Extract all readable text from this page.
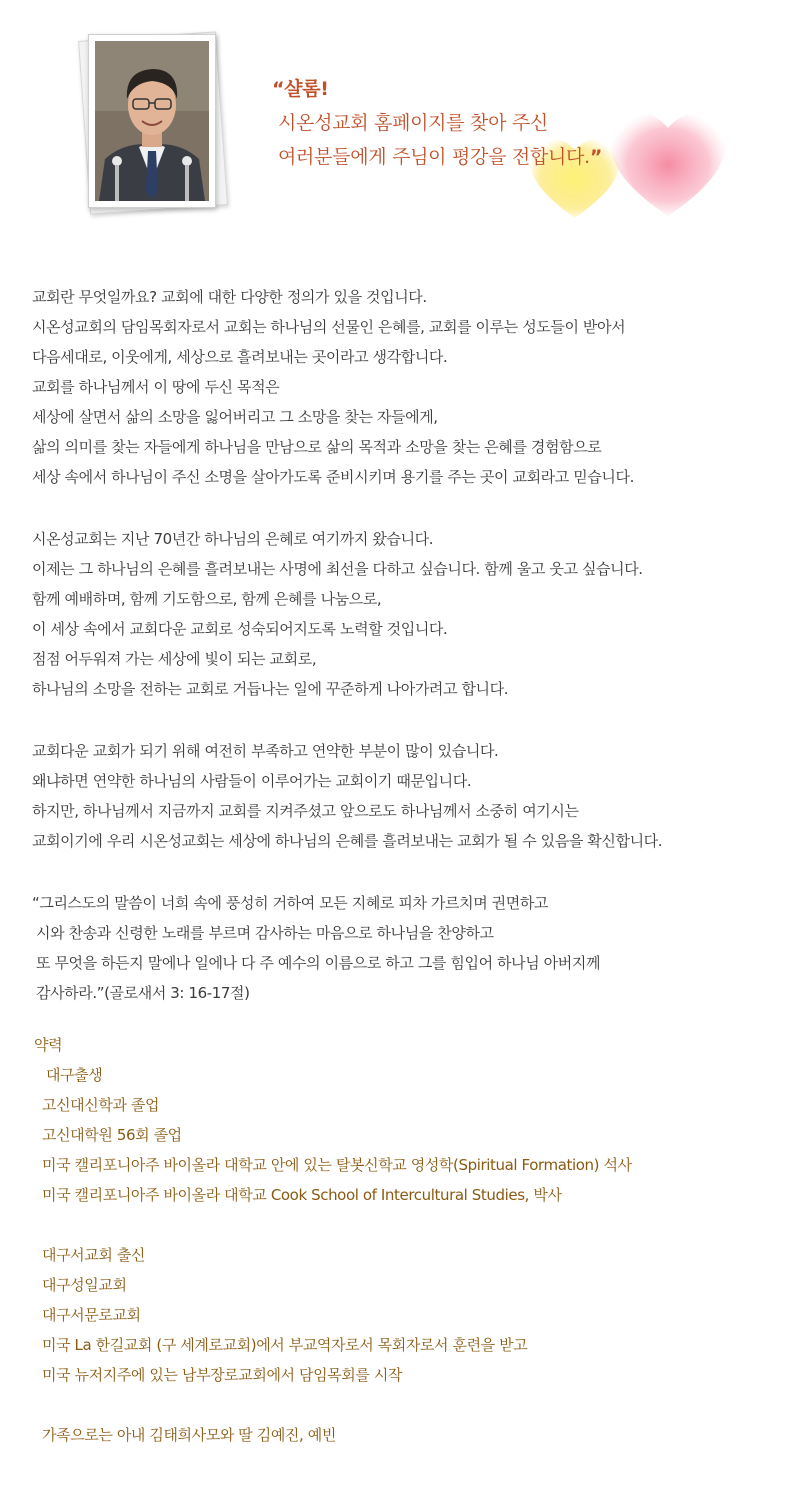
“샬롬!
시온성교회 홈페이지를 찾아 주신
여러분들에게 주님이 평강을 전합니다.”
교회란 무엇일까요? 교회에 대한 다양한 정의가 있을 것입니다.
시온성교회의 담임목회자로서 교회는 하나님의 선물인 은혜를, 교회를 이루는 성도들이 받아서
다음세대로, 이웃에게, 세상으로 흘려보내는 곳이라고 생각합니다.
교회를 하나님께서 이 땅에 두신 목적은
세상에 살면서 삶의 소망을 잃어버리고 그 소망을 찾는 자들에게,
삶의 의미를 찾는 자들에게 하나님을 만남으로 삶의 목적과 소망을 찾는 은혜를 경험함으로
세상 속에서 하나님이 주신 소명을 살아가도록 준비시키며 용기를 주는 곳이 교회라고 믿습니다.
시온성교회는 지난 70년간 하나님의 은혜로 여기까지 왔습니다.
이제는 그 하나님의 은혜를 흘려보내는 사명에 최선을 다하고 싶습니다. 함께 울고 웃고 싶습니다.
함께 예배하며, 함께 기도함으로, 함께 은혜를 나눔으로,
이 세상 속에서 교회다운 교회로 성숙되어지도록 노력할 것입니다.
점점 어두워져 가는 세상에 빛이 되는 교회로,
하나님의 소망을 전하는 교회로 거듭나는 일에 꾸준하게 나아가려고 합니다.
교회다운 교회가 되기 위해 여전히 부족하고 연약한 부분이 많이 있습니다.
왜냐하면 연약한 하나님의 사람들이 이루어가는 교회이기 때문입니다.
하지만, 하나님께서 지금까지 교회를 지켜주셨고 앞으로도 하나님께서 소중히 여기시는
교회이기에 우리 시온성교회는 세상에 하나님의 은혜를 흘려보내는 교회가 될 수 있음을 확신합니다.
“그리스도의 말씀이 너희 속에 풍성히 거하여 모든 지혜로 피차 가르치며 권면하고
시와 찬송과 신령한 노래를 부르며 감사하는 마음으로 하나님을 찬양하고
또 무엇을 하든지 말에나 일에나 다 주 예수의 이름으로 하고 그를 힘입어 하나님 아버지께
감사하라.”(골로새서 3: 16-17절)
약력
대구출생
고신대신학과 졸업
고신대학원 56회 졸업
미국 캘리포니아주 바이올라 대학교 안에 있는 탈봇신학교 영성학(Spiritual Formation) 석사
미국 캘리포니아주 바이올라 대학교 Cook School of Intercultural Studies, 박사
대구서교회 출신
대구성일교회
대구서문로교회
미국 La 한길교회 (구 세계로교회)에서 부교역자로서 목회자로서 훈련을 받고
미국 뉴저지주에 있는 남부장로교회에서 담임목회를 시작
가족으로는 아내 김태희사모와 딸 김예진, 예빈
